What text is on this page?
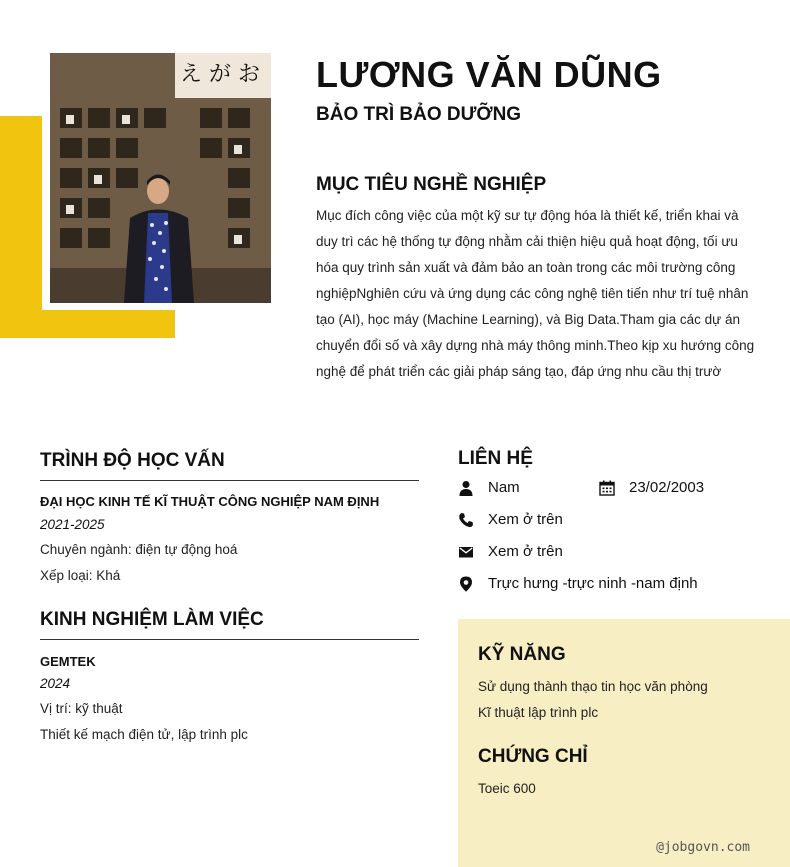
え が お LƯƠNG VĂN DŨNG
BẢO TRÌ BẢO DƯỠNG
MỤC TIÊU NGHỀ NGHIỆP
Mục đích công việc của một kỹ sư tự động hóa là thiết kế, triển khai và duy trì các hệ thống tự động nhằm cải thiện hiệu quả hoạt động, tối ưu hóa quy trình sản xuất và đảm bảo an toàn trong các môi trường công nghiệpNghiên cứu và ứng dụng các công nghệ tiên tiến như trí tuệ nhân tạo (AI), học máy (Machine Learning), và Big Data.Tham gia các dự án chuyển đổi số và xây dựng nhà máy thông minh.Theo kịp xu hướng công nghệ để phát triển các giải pháp sáng tạo, đáp ứng nhu cầu thị trườ
TRÌNH ĐỘ HỌC VẤN
ĐẠI HỌC KINH TẾ KĨ THUẬT CÔNG NGHIỆP NAM ĐỊNH
2021-2025
Chuyên ngành: điện tự động hoá
Xếp loại: Khá
KINH NGHIỆM LÀM VIỆC
GEMTEK
2024
Vị trí: kỹ thuật
Thiết kế mạch điện tử, lập trình plc
LIÊN HỆ
Nam	23/02/2003
Xem ở trên
Xem ở trên
Trực hưng -trực ninh -nam định
KỸ NĂNG
Sử dụng thành thạo tin học văn phòng
Kĩ thuật lập trình plc
CHỨNG CHỈ
Toeic 600
@jobgovn.com
